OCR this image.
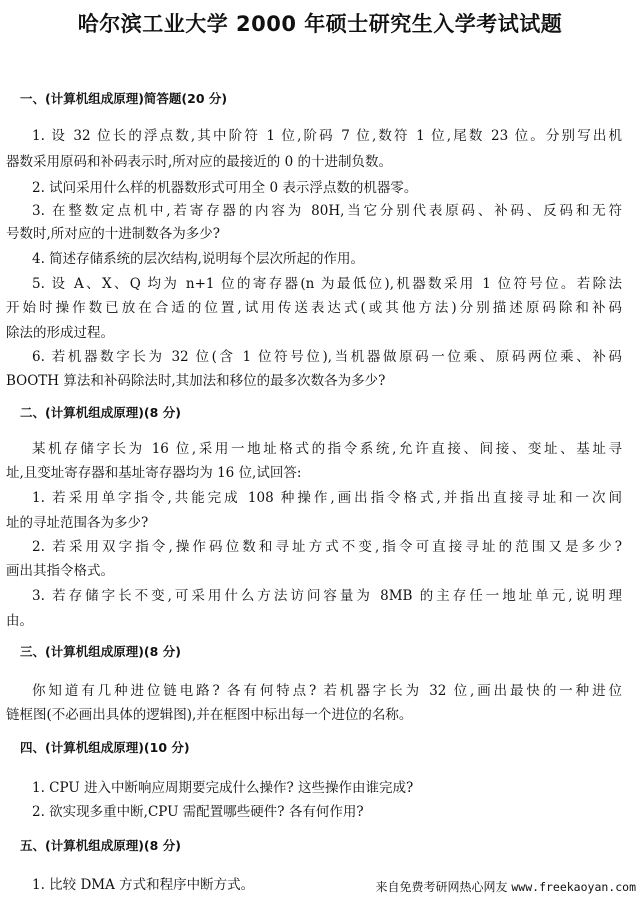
哈尔滨工业大学 2000 年硕士研究生入学考试试题
一、(计算机组成原理)简答题(20 分)
1. 设 32 位长的浮点数,其中阶符 1 位,阶码 7 位,数符 1 位,尾数 23 位。分别写出机
器数采用原码和补码表示时,所对应的最接近的 0 的十进制负数。
2. 试问采用什么样的机器数形式可用全 0 表示浮点数的机器零。
3. 在整数定点机中,若寄存器的内容为 80H,当它分别代表原码、补码、反码和无符
号数时,所对应的十进制数各为多少?
4. 简述存储系统的层次结构,说明每个层次所起的作用。
5. 设 A、X、Q 均为 n+1 位的寄存器(n 为最低位),机器数采用 1 位符号位。若除法
开始时操作数已放在合适的位置,试用传送表达式(或其他方法)分别描述原码除和补码
除法的形成过程。
6. 若机器数字长为 32 位(含 1 位符号位),当机器做原码一位乘、原码两位乘、补码
BOOTH 算法和补码除法时,其加法和移位的最多次数各为多少?
二、(计算机组成原理)(8 分)
某机存储字长为 16 位,采用一地址格式的指令系统,允许直接、间接、变址、基址寻
址,且变址寄存器和基址寄存器均为 16 位,试回答:
1. 若采用单字指令,共能完成 108 种操作,画出指令格式,并指出直接寻址和一次间
址的寻址范围各为多少?
2. 若采用双字指令,操作码位数和寻址方式不变,指令可直接寻址的范围又是多少?
画出其指令格式。
3. 若存储字长不变,可采用什么方法访问容量为 8MB 的主存任一地址单元,说明理
由。
三、(计算机组成原理)(8 分)
你知道有几种进位链电路? 各有何特点? 若机器字长为 32 位,画出最快的一种进位
链框图(不必画出具体的逻辑图),并在框图中标出每一个进位的名称。
四、(计算机组成原理)(10 分)
1. CPU 进入中断响应周期要完成什么操作? 这些操作由谁完成?
2. 欲实现多重中断,CPU 需配置哪些硬件? 各有何作用?
五、(计算机组成原理)(8 分)
1. 比较 DMA 方式和程序中断方式。	来自免费考研网热心网友 www.freekaoyan.com
